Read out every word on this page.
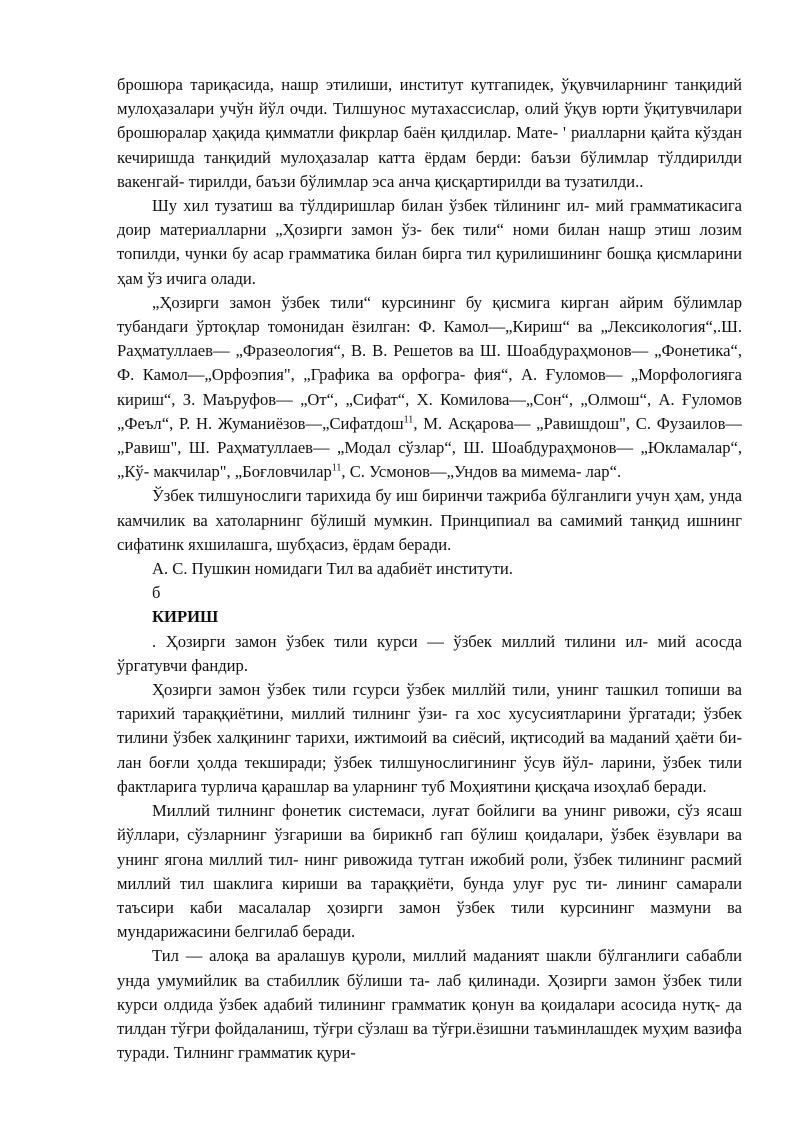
брошюра тариқасида, нашр этилиши, институт кутгапидек, ўқувчиларнинг танқидий мулоҳазалари учўн йўл очди. Тилшунос мутахассислар, олий ўқув юрти ўқитувчилари брошюралар ҳақида қимматли фикрлар баён қилдилар. Мате- ' риалларни қайта кўздан кечиришда танқидий мулоҳазалар катта ёрдам берди: баъзи бўлимлар тўлдирилди вакенгай- тирилди, баъзи бўлимлар эса анча қисқартирилди ва тузатилди..

Шу хил тузатиш ва тўлдиришлар билан ўзбек тйлининг ил- мий грамматикасига доир материалларни „Ҳозирги замон ўз- бек тили“ номи билан нашр этиш лозим топилди, чунки бу асар грамматика билан бирга тил қурилишининг бошқа қисмларини ҳам ўз ичига олади.

„Ҳозирги замон ўзбек тили“ курсининг бу қисмига кирган айрим бўлимлар тубандаги ўртоқлар томонидан ёзилган: Ф. Камол—„Кириш“ ва „Лексикология“,.Ш. Раҳматуллаев— „Фразеология“, В. В. Решетов ва Ш. Шоабдураҳмонов— „Фонетика“, Ф. Камол—„Орфоэпия", „Графика ва орфогра- фия“, А. Ғуломов— „Морфологияга кириш“, З. Маъруфов— „От“, „Сифат“, X. Комилова—„Сон“, „Олмош“, А. Ғуломов „Феъл“, Р. Н. Жуманиёзов—„Сифатдош$^{11}$, М. Асқарова— „Равишдош", С. Фузаилов— „Равиш", Ш. Раҳматуллаев— „Модал сўзлар“, Ш. Шоабдураҳмонов— „Юкламалар“, „Кў- макчилар", „Боғловчилар$^{11}$, С. Усмонов—„Ундов ва мимема- лар“.

Ўзбек тилшунослиги тарихида бу иш биринчи тажриба бўлганлиги учун ҳам, унда камчилик ва хатоларнинг бўлишй мумкин. Принципиал ва самимий танқид ишнинг сифатинк яхшилашга, шубҳасиз, ёрдам беради.

А. С. Пушкин номидаги Тил ва адабиёт институти.

б

КИРИШ

. Ҳозирги замон ўзбек тили курси — ўзбек миллий тилини ил- мий асосда ўргатувчи фандир.

Ҳозирги замон ўзбек тили гсурси ўзбек миллйй тили, унинг ташкил топиши ва тарихий тараққиётини, миллий тилнинг ўзи- га хос хусусиятларини ўргатади; ўзбек тилини ўзбек халқининг тарихи, ижтимоий ва сиёсий, иқтисодий ва маданий ҳаёти би- лан боғли ҳолда текширади; ўзбек тилшунослигининг ўсув йўл- ларини, ўзбек тили фактларига турлича қарашлар ва уларнинг туб Моҳиятини қисқача изоҳлаб беради.

Миллий тилнинг фонетик системаси, луғат бойлиги ва унинг ривожи, сўз ясаш йўллари, сўзларнинг ўзгариши ва бирикнб гап бўлиш қоидалари, ўзбек ёзувлари ва унинг ягона миллий тил- нинг ривожида тутган ижобий роли, ўзбек тилининг расмий миллий тил шаклига кириши ва тараққиёти, бунда улуғ рус ти- лининг самарали таъсири каби масалалар ҳозирги замон ўзбек тили курсининг мазмуни ва мундарижасини белгилаб беради.

Тил — алоқа ва аралашув қуроли, миллий маданият шакли бўлганлиги сабабли унда умумийлик ва стабиллик бўлиши та- лаб қилинади. Ҳозирги замон ўзбек тили курси олдида ўзбек адабий тилининг грамматик қонун ва қоидалари асосида нутқ- да тилдан тўғри фойдаланиш, тўғри сўзлаш ва тўғри.ёзишни таъминлашдек муҳим вазифа туради. Тилнинг грамматик қури-
